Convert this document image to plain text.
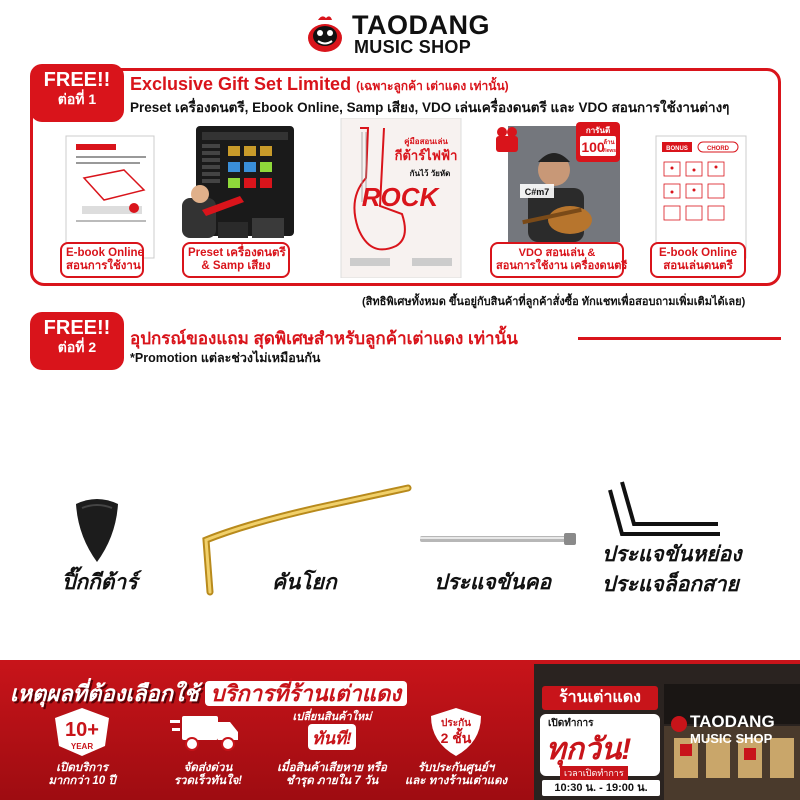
TAODANG
MUSIC SHOP
FREE!!
ต่อที่ 1
Exclusive Gift Set Limited (เฉพาะลูกค้า เต่าแดง เท่านั้น)
Preset เครื่องดนตรี, Ebook Online, Samp เสียง, VDO เล่นเครื่องดนตรี และ VDO สอนการใช้งานต่างๆ
E-book Online
สอนการใช้งาน
Preset เครื่องดนตรี
& Samp เสียง
คู่มือสอนเล่น
กีต้าร์ไฟฟ้า
กันไว้ วัยหัด
ROCK	C#m7
การันตี
100
ล้าน
Views
VDO สอนเล่น &
สอนการใช้งาน เครื่องดนตรี
BONUS	CHORD
E-book Online
สอนเล่นดนตรี
(สิทธิพิเศษทั้งหมด ขึ้นอยู่กับสินค้าที่ลูกค้าสั่งซื้อ ทักแชทเพื่อสอบถามเพิ่มเติมได้เลย)
FREE!!
ต่อที่ 2	อุปกรณ์ของแถม สุดพิเศษสำหรับลูกค้าเต่าแดง เท่านั้น
*Promotion แต่ละช่วงไม่เหมือนกัน
ปิ๊กกีต้าร์	คันโยก	ประแจขันคอ
ประแจขันหย่อง
ประแจล็อกสาย
เหตุผลที่ต้องเลือกใช้ บริการที่ร้านเต่าแดง
10+
YEAR
เปิดบริการ
มากกว่า 10 ปี
จัดส่งด่วน
รวดเร็วทันใจ!
เปลี่ยนสินค้าใหม่
ทันที!
เมื่อสินค้าเสียหาย หรือ
ชำรุด ภายใน 7 วัน
ประกัน
2 ชั้น
รับประกันศูนย์ฯ
และ ทางร้านเต่าแดง
TAODANG
MUSIC SHOP
ร้านเต่าแดง
เปิดทำการ
ทุกวัน!
เวลาเปิดทำการ
10:30 น. - 19:00 น.
